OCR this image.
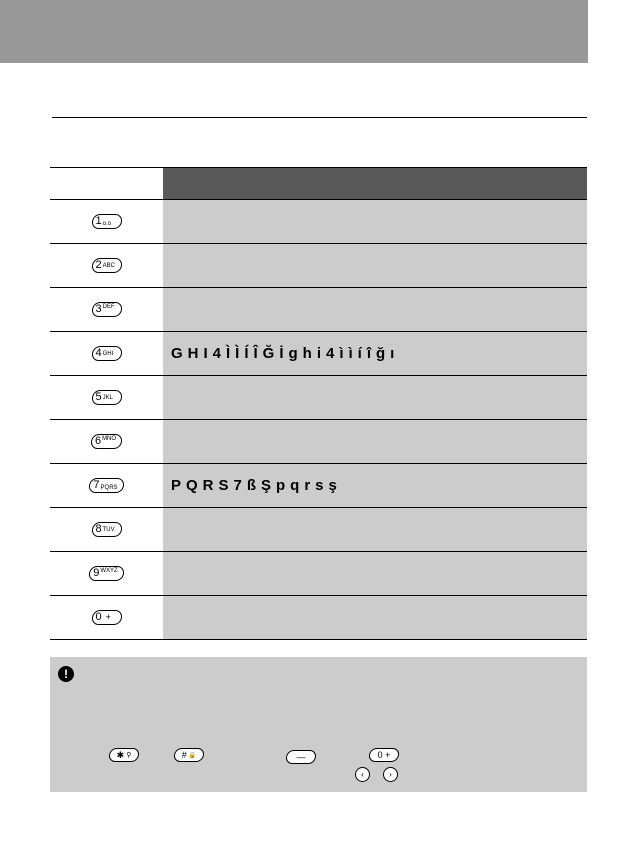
1 o.o
2 ABC
3 DEF
4 GHI	GHI4ÌÌÍÎĞİghi4ììíîğı
5 JKL
6 MNO
7 PQRS	PQRS7ßŞpqrsş
8 TUV
9 WXYZ
0 +
!
✱ ⚲	# 🔒	—	0 +
‹	›
